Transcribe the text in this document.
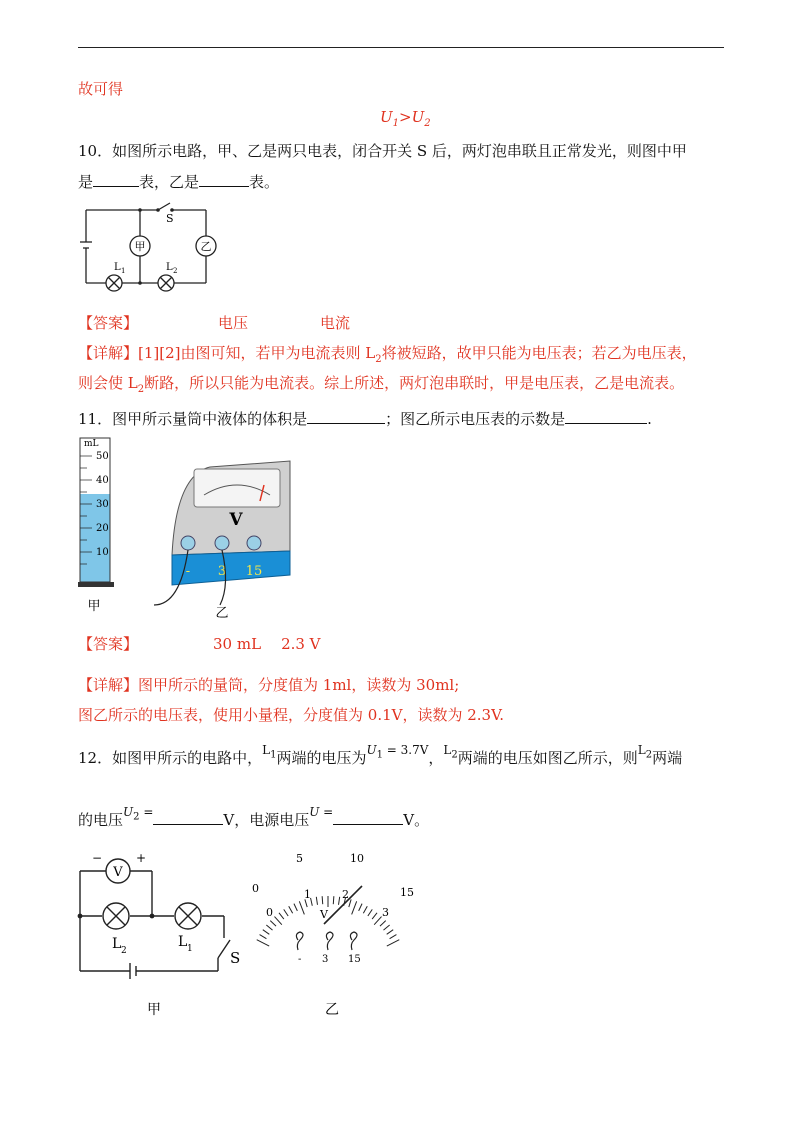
故可得
$U_1>U_2$
10．如图所示电路，甲、乙是两只电表，闭合开关 S 后，两灯泡串联且正常发光，则图中甲
是	表，乙是	表。
S
甲	乙
L 1	L 2
【答案】	电压	电流
【详解】[1][2]由图可知，若甲为电流表则 $L_2$将被短路，故甲只能为电压表；若乙为电压表，
则会使 $L_2$断路，所以只能为电流表。综上所述，两灯泡串联时，甲是电压表，乙是电流表。
11．图甲所示量筒中液体的体积是	；图乙所示电压表的示数是	.
mL
50
40
30
20
10
甲
V
- 3 15
乙
【答案】	30 mL 2.3 V
【详解】图甲所示的量筒，分度值为 1ml，读数为 30ml;
图乙所示的电压表，使用小量程，分度值为 0.1V，读数为 2.3V.
12．如图甲所示的电路中，$^{L_1}$两端的电压为$^{U_1 = 3.7V}$，$^{L_2}$两端的电压如图乙所示，则$^{L_2}$两端
的电压$^{U_2 =}$	V，电源电压$^{U =}$	V。
V
−	+
L 2
L 1 S
甲
0
5	10
15
0
1	2
3
V
- 3 15
乙
